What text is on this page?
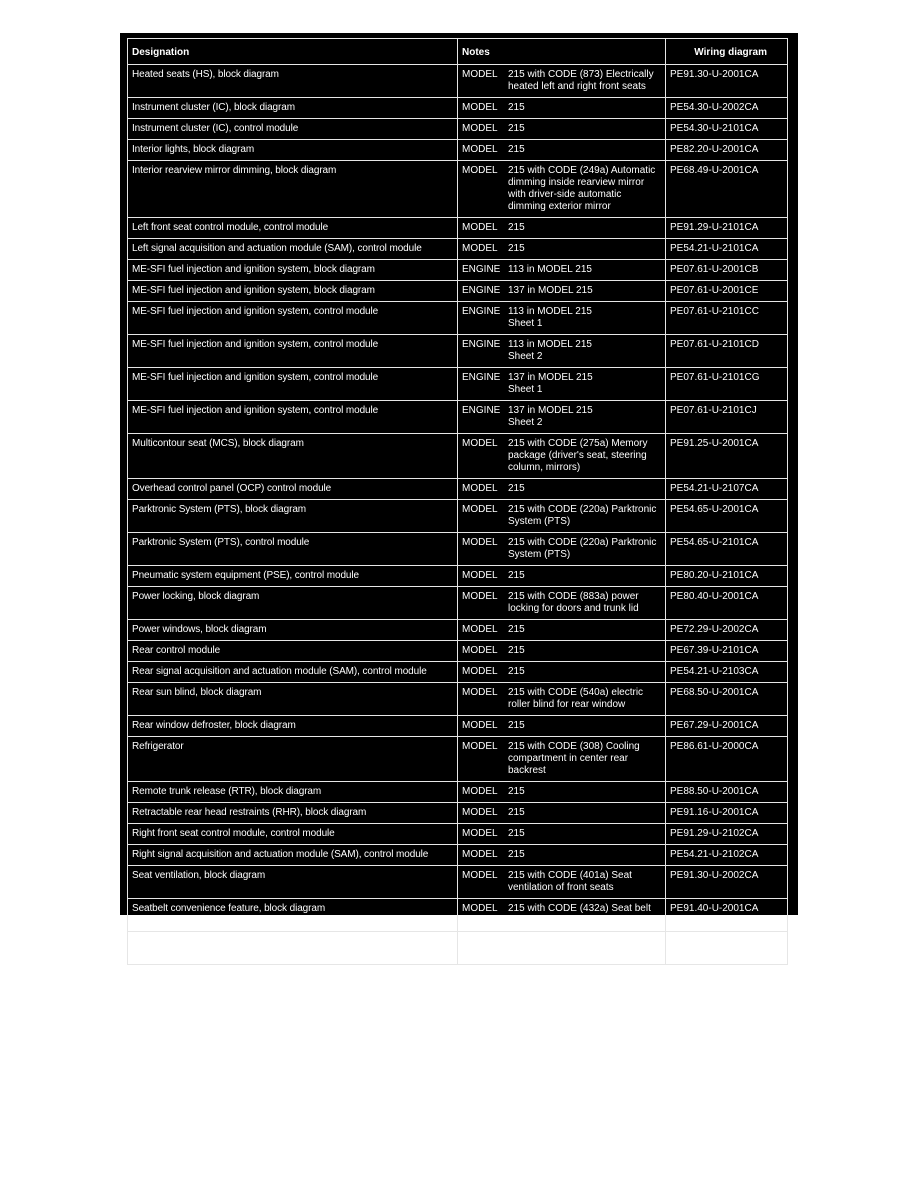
Designation	Notes	Wiring diagram
Heated seats (HS), block diagram	MODEL 215 with CODE (873) Electrically
heated left and right front seats	PE91.30-U-2001CA
Instrument cluster (IC), block diagram	MODEL 215	PE54.30-U-2002CA
Instrument cluster (IC), control module	MODEL 215	PE54.30-U-2101CA
Interior lights, block diagram	MODEL 215	PE82.20-U-2001CA
Interior rearview mirror dimming, block diagram	MODEL 215 with CODE (249a) Automatic
dimming inside rearview mirror
with driver-side automatic
dimming exterior mirror	PE68.49-U-2001CA
Left front seat control module, control module	MODEL 215	PE91.29-U-2101CA
Left signal acquisition and actuation module (SAM), control module	MODEL 215	PE54.21-U-2101CA
ME-SFI fuel injection and ignition system, block diagram	ENGINE 113 in MODEL 215	PE07.61-U-2001CB
ME-SFI fuel injection and ignition system, block diagram	ENGINE 137 in MODEL 215	PE07.61-U-2001CE
ME-SFI fuel injection and ignition system, control module	ENGINE 113 in MODEL 215
Sheet 1	PE07.61-U-2101CC
ME-SFI fuel injection and ignition system, control module	ENGINE 113 in MODEL 215
Sheet 2	PE07.61-U-2101CD
ME-SFI fuel injection and ignition system, control module	ENGINE 137 in MODEL 215
Sheet 1	PE07.61-U-2101CG
ME-SFI fuel injection and ignition system, control module	ENGINE 137 in MODEL 215
Sheet 2	PE07.61-U-2101CJ
Multicontour seat (MCS), block diagram	MODEL 215 with CODE (275a) Memory
package (driver's seat, steering
column, mirrors)	PE91.25-U-2001CA
Overhead control panel (OCP) control module	MODEL 215	PE54.21-U-2107CA
Parktronic System (PTS), block diagram	MODEL 215 with CODE (220a) Parktronic
System (PTS)	PE54.65-U-2001CA
Parktronic System (PTS), control module	MODEL 215 with CODE (220a) Parktronic
System (PTS)	PE54.65-U-2101CA
Pneumatic system equipment (PSE), control module	MODEL 215	PE80.20-U-2101CA
Power locking, block diagram	MODEL 215 with CODE (883a) power
locking for doors and trunk lid	PE80.40-U-2001CA
Power windows, block diagram	MODEL 215	PE72.29-U-2002CA
Rear control module	MODEL 215	PE67.39-U-2101CA
Rear signal acquisition and actuation module (SAM), control module	MODEL 215	PE54.21-U-2103CA
Rear sun blind, block diagram	MODEL 215 with CODE (540a) electric
roller blind for rear window	PE68.50-U-2001CA
Rear window defroster, block diagram	MODEL 215	PE67.29-U-2001CA
Refrigerator	MODEL 215 with CODE (308) Cooling
compartment in center rear
backrest	PE86.61-U-2000CA
Remote trunk release (RTR), block diagram	MODEL 215	PE88.50-U-2001CA
Retractable rear head restraints (RHR), block diagram	MODEL 215	PE91.16-U-2001CA
Right front seat control module, control module	MODEL 215	PE91.29-U-2102CA
Right signal acquisition and actuation module (SAM), control module	MODEL 215	PE54.21-U-2102CA
Seat ventilation, block diagram	MODEL 215 with CODE (401a) Seat
ventilation of front seats	PE91.30-U-2002CA
Seatbelt convenience feature, block diagram	MODEL 215 with CODE (432a) Seat belt
with automatic comfort-fit	PE91.40-U-2001CA
Sound amplifier, control module	MODEL 215 with CODE (810) Sound
System	PE82.62-U-2101CA
